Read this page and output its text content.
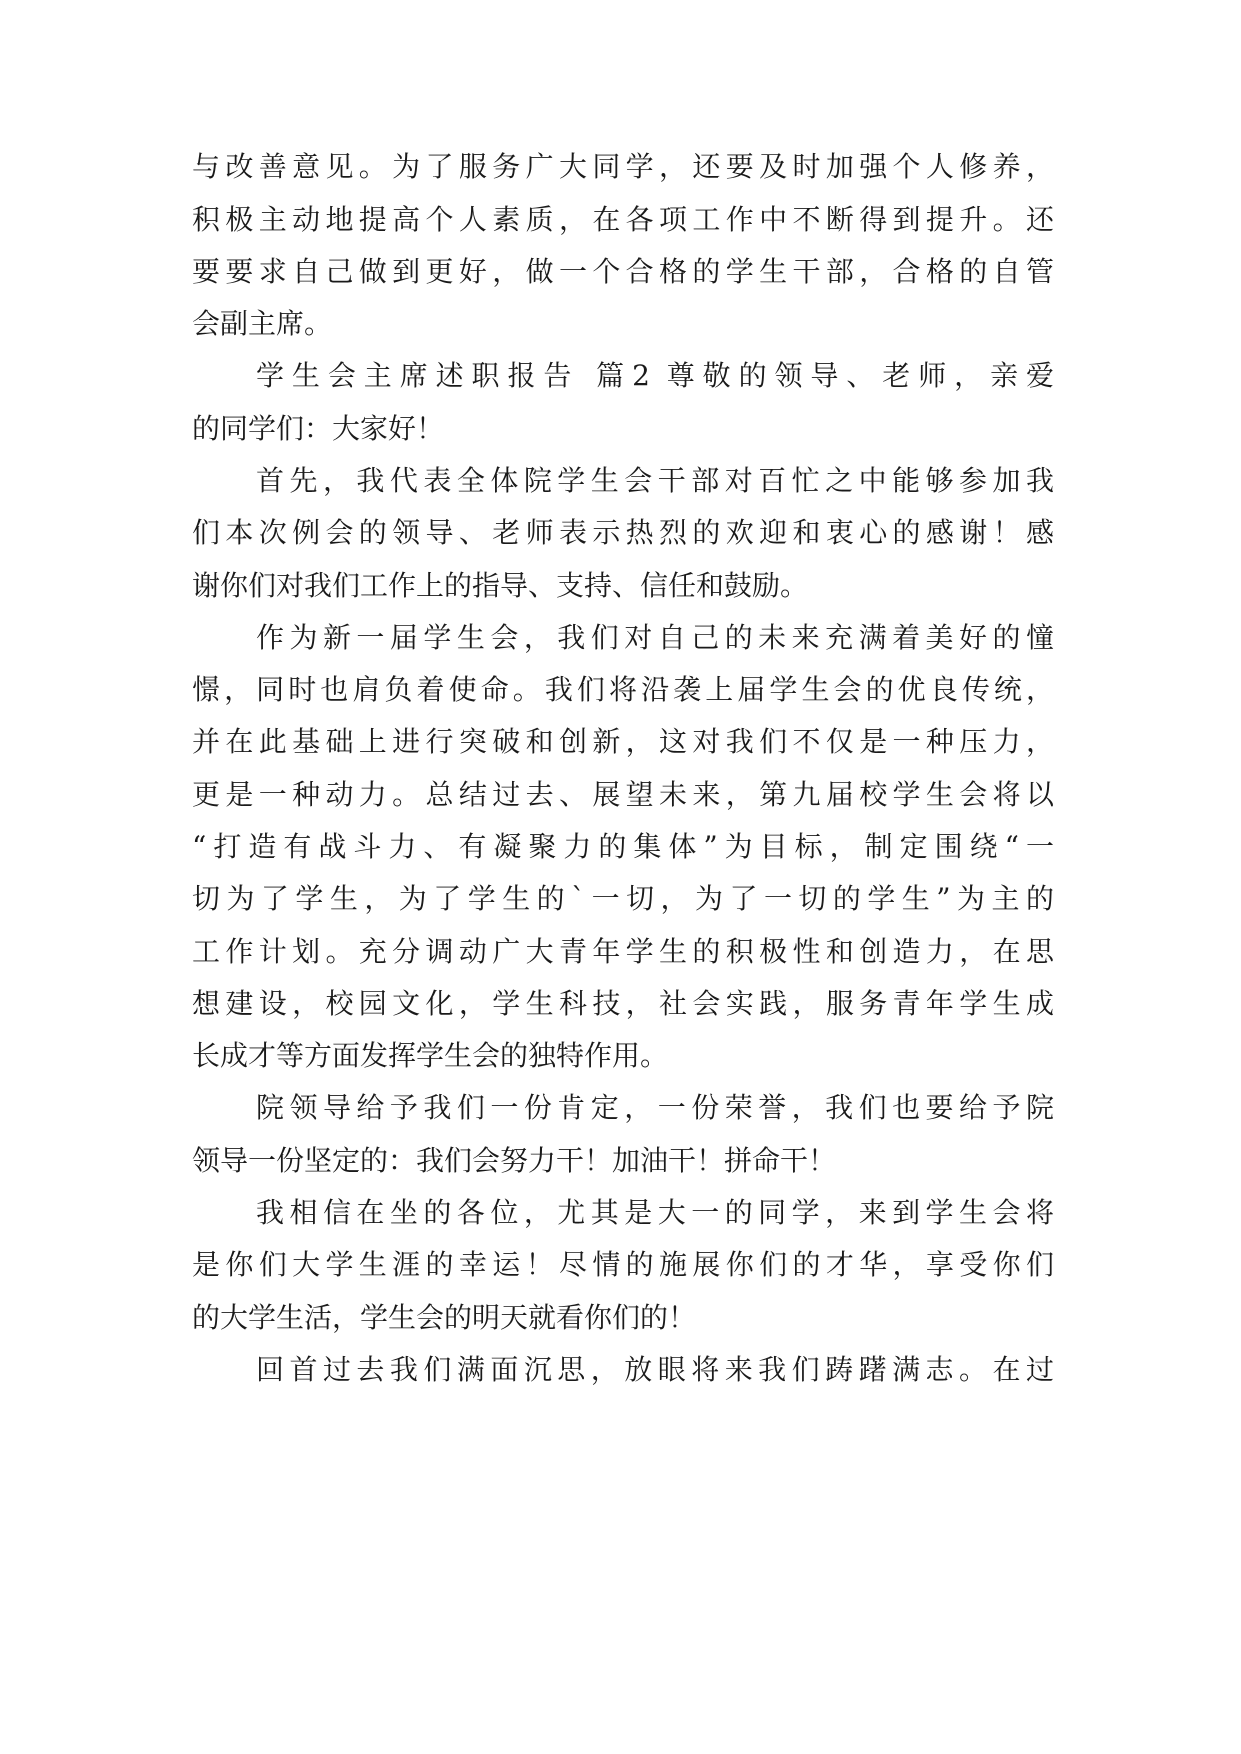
与改善意见。为了服务广大同学，还要及时加强个人修养，
积极主动地提高个人素质，在各项工作中不断得到提升。还
要要求自己做到更好，做一个合格的学生干部，合格的自管
会副主席。
学生会主席述职报告 篇2 尊敬的领导、老师，亲爱
的同学们：大家好！
首先，我代表全体院学生会干部对百忙之中能够参加我
们本次例会的领导、老师表示热烈的欢迎和衷心的感谢！感
谢你们对我们工作上的指导、支持、信任和鼓励。
作为新一届学生会，我们对自己的未来充满着美好的憧
憬，同时也肩负着使命。我们将沿袭上届学生会的优良传统，
并在此基础上进行突破和创新，这对我们不仅是一种压力，
更是一种动力。总结过去、展望未来，第九届校学生会将以
“打造有战斗力、有凝聚力的集体”为目标，制定围绕“一
切为了学生，为了学生的`一切，为了一切的学生”为主的
工作计划。充分调动广大青年学生的积极性和创造力，在思
想建设，校园文化，学生科技，社会实践，服务青年学生成
长成才等方面发挥学生会的独特作用。
院领导给予我们一份肯定，一份荣誉，我们也要给予院
领导一份坚定的：我们会努力干！加油干！拼命干！
我相信在坐的各位，尤其是大一的同学，来到学生会将
是你们大学生涯的幸运！尽情的施展你们的才华，享受你们
的大学生活，学生会的明天就看你们的！
回首过去我们满面沉思，放眼将来我们踌躇满志。在过
